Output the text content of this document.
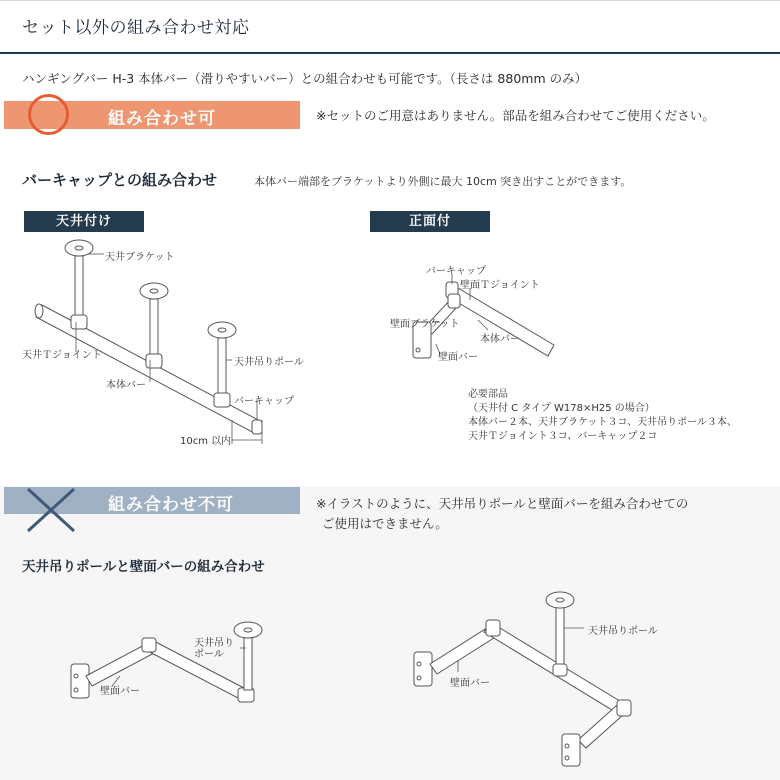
セット以外の組み合わせ対応
ハンギングバー H-3 本体バー（滑りやすいバー）との組合わせも可能です。（長さは 880mm のみ）
組み合わせ可	※セットのご用意はありません。部品を組み合わせてご使用ください。
バーキャップとの組み合わせ	本体バー端部をブラケットより外側に最大 10cm 突き出すことができます。
天井付け	正面付
天井ブラケット
天井Ｔジョイント
本体バー
天井吊りポール
バーキャップ
10cm 以内
バーキャップ
壁面Ｔジョイント
壁面ブラケット
本体バー
壁面バー
必要部品
（天井付 C タイプ W178×H25 の場合）
本体バー２本、天井ブラケット３コ、天井吊りポール３本、
天井Ｔジョイント３コ、バーキャップ２コ
組み合わせ不可	※イラストのように、天井吊りポールと壁面バーを組み合わせての
ご使用はできません。
天井吊りポールと壁面バーの組み合わせ
天井吊り
ポール
壁面バー
天井吊りポール
壁面バー
